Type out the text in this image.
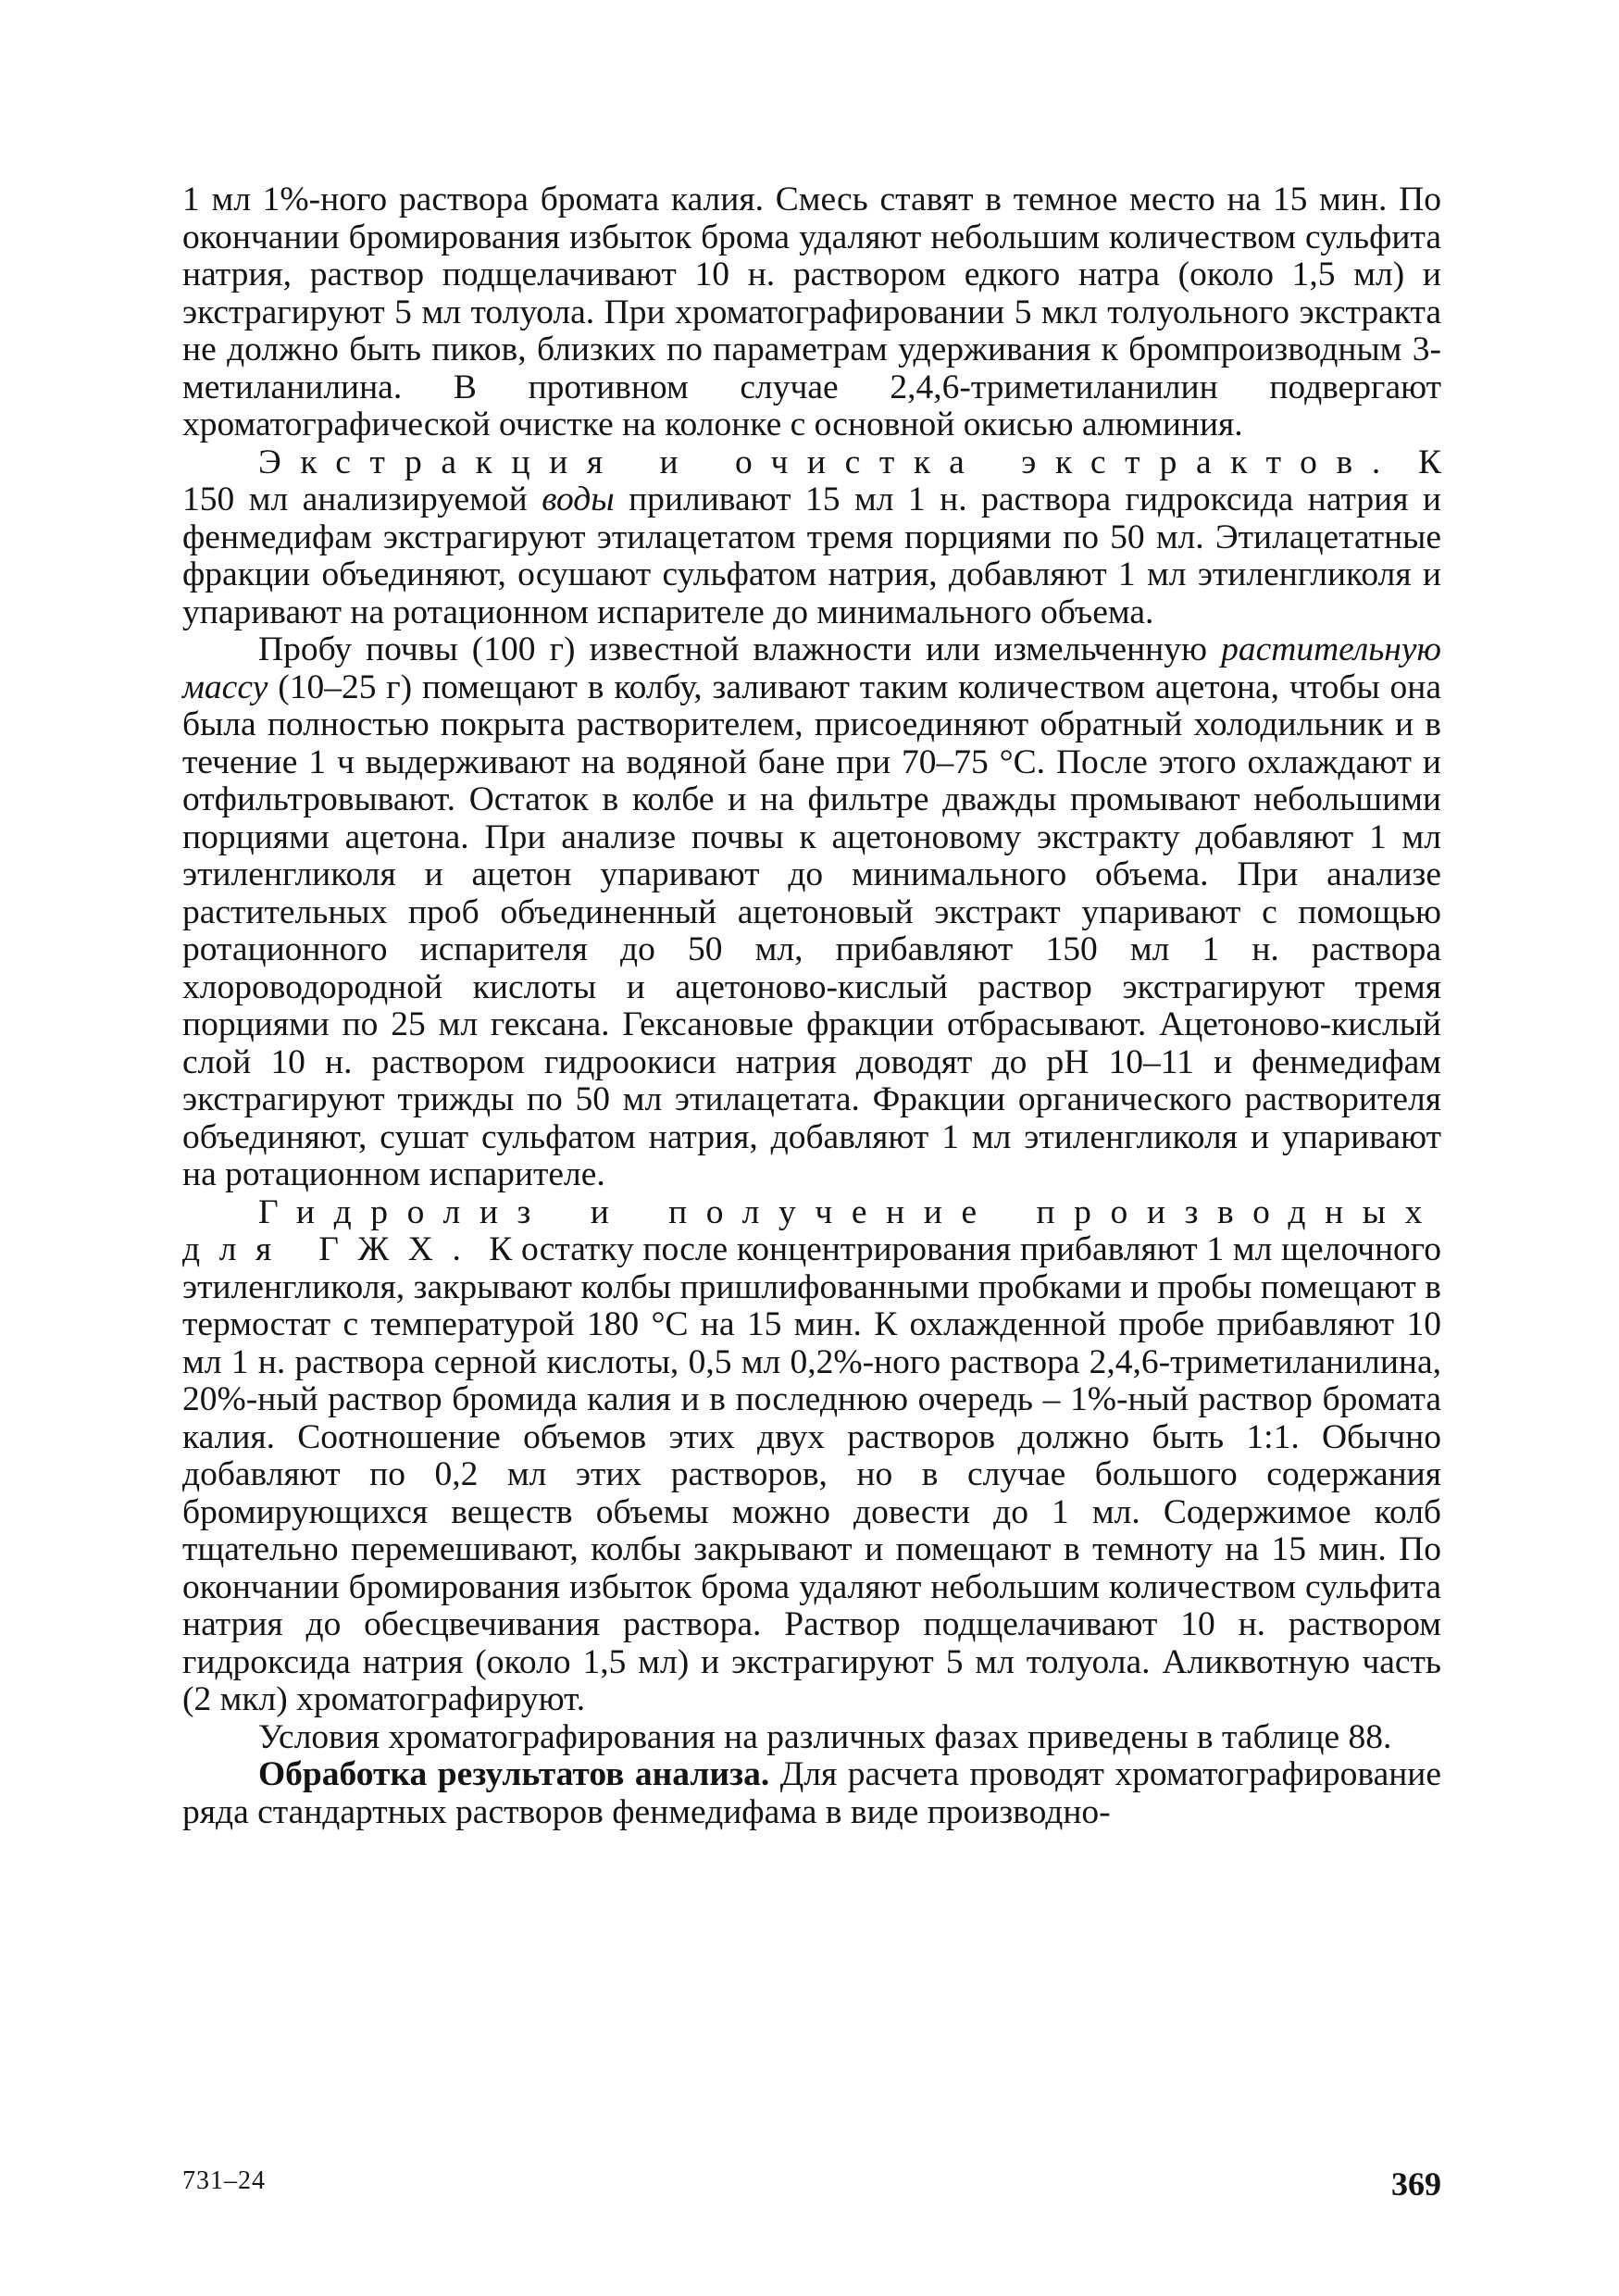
1 мл 1%-ного раствора бромата калия. Смесь ставят в темное место на 15 мин. По окончании бромирования избыток брома удаляют небольшим количеством сульфита натрия, раствор подщелачивают 10 н. раствором едкого натра (около 1,5 мл) и экстрагируют 5 мл толуола. При хроматографировании 5 мкл толуольного экстракта не должно быть пиков, близких по параметрам удерживания к бромпроизводным 3-метиланилина. В противном случае 2,4,6-триметиланилин подвергают хроматографической очистке на колонке с основной окисью алюминия.

Экстракция и очистка экстрактов. К 150 мл анализируемой воды приливают 15 мл 1 н. раствора гидроксида натрия и фенмедифам экстрагируют этилацетатом тремя порциями по 50 мл. Этилацетатные фракции объединяют, осушают сульфатом натрия, добавляют 1 мл этиленгликоля и упаривают на ротационном испарителе до минимального объема.

Пробу почвы (100 г) известной влажности или измельченную растительную массу (10–25 г) помещают в колбу, заливают таким количеством ацетона, чтобы она была полностью покрыта растворителем, присоединяют обратный холодильник и в течение 1 ч выдерживают на водяной бане при 70–75 °С. После этого охлаждают и отфильтровывают. Остаток в колбе и на фильтре дважды промывают небольшими порциями ацетона. При анализе почвы к ацетоновому экстракту добавляют 1 мл этиленгликоля и ацетон упаривают до минимального объема. При анализе растительных проб объединенный ацетоновый экстракт упаривают с помощью ротационного испарителя до 50 мл, прибавляют 150 мл 1 н. раствора хлороводородной кислоты и ацетоново-кислый раствор экстрагируют тремя порциями по 25 мл гексана. Гексановые фракции отбрасывают. Ацетоново-кислый слой 10 н. раствором гидроокиси натрия доводят до рН 10–11 и фенмедифам экстрагируют трижды по 50 мл этилацетата. Фракции органического растворителя объединяют, сушат сульфатом натрия, добавляют 1 мл этиленгликоля и упаривают на ротационном испарителе.

Гидролиз и получение производных для ГЖХ. К остатку после концентрирования прибавляют 1 мл щелочного этиленгликоля, закрывают колбы пришлифованными пробками и пробы помещают в термостат с температурой 180 °С на 15 мин. К охлажденной пробе прибавляют 10 мл 1 н. раствора серной кислоты, 0,5 мл 0,2%-ного раствора 2,4,6-триметиланилина, 20%-ный раствор бромида калия и в последнюю очередь – 1%-ный раствор бромата калия. Соотношение объемов этих двух растворов должно быть 1:1. Обычно добавляют по 0,2 мл этих растворов, но в случае большого содержания бромирующихся веществ объемы можно довести до 1 мл. Содержимое колб тщательно перемешивают, колбы закрывают и помещают в темноту на 15 мин. По окончании бромирования избыток брома удаляют небольшим количеством сульфита натрия до обесцвечивания раствора. Раствор подщелачивают 10 н. раствором гидроксида натрия (около 1,5 мл) и экстрагируют 5 мл толуола. Аликвотную часть (2 мкл) хроматографируют.

Условия хроматографирования на различных фазах приведены в таблице 88.

Обработка результатов анализа. Для расчета проводят хроматографирование ряда стандартных растворов фенмедифама в виде производно-

731–24	369
